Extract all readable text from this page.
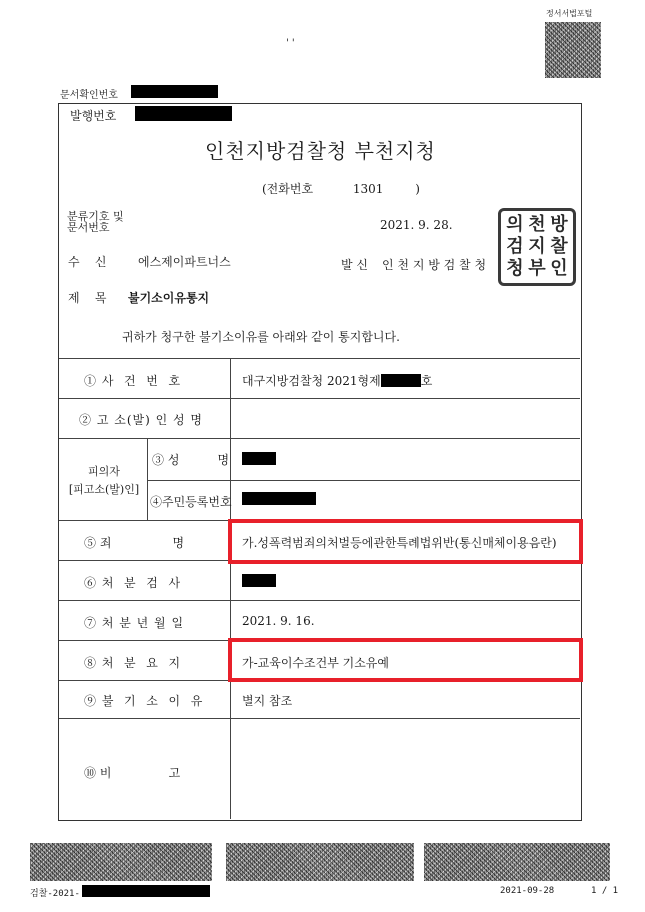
정서서법포털
' '
문서확인번호
발행번호
인천지방검찰청 부천지청
(전화번호	1301	)
분류기호 및
문서번호	2021. 9. 28.
수    신	에스제이파트너스	발 신 인 천 지 방 검 찰 청
의 천 방
검 지 찰
청 부 인
제    목 불기소이유통지
귀하가 청구한 불기소이유를 아래와 같이 통지합니다.
① 사  건  번  호	대구지방검찰청 2021형제	호
② 고 소(발) 인 성 명
피의자
[피고소(발)인]
③ 성          명
④주민등록번호
⑤ 죄                명	가.성폭력범죄의처벌등에관한특례법위반(통신매체이용음란)
⑥ 처  분  검  사
⑦ 처 분 년 월 일	2021. 9. 16.
⑧ 처  분  요  지	가-교육이수조건부 기소유예
⑨ 불  기  소  이  유	별지 참조
⑩ 비               고
검찰-2021-	2021-09-28	1 / 1
